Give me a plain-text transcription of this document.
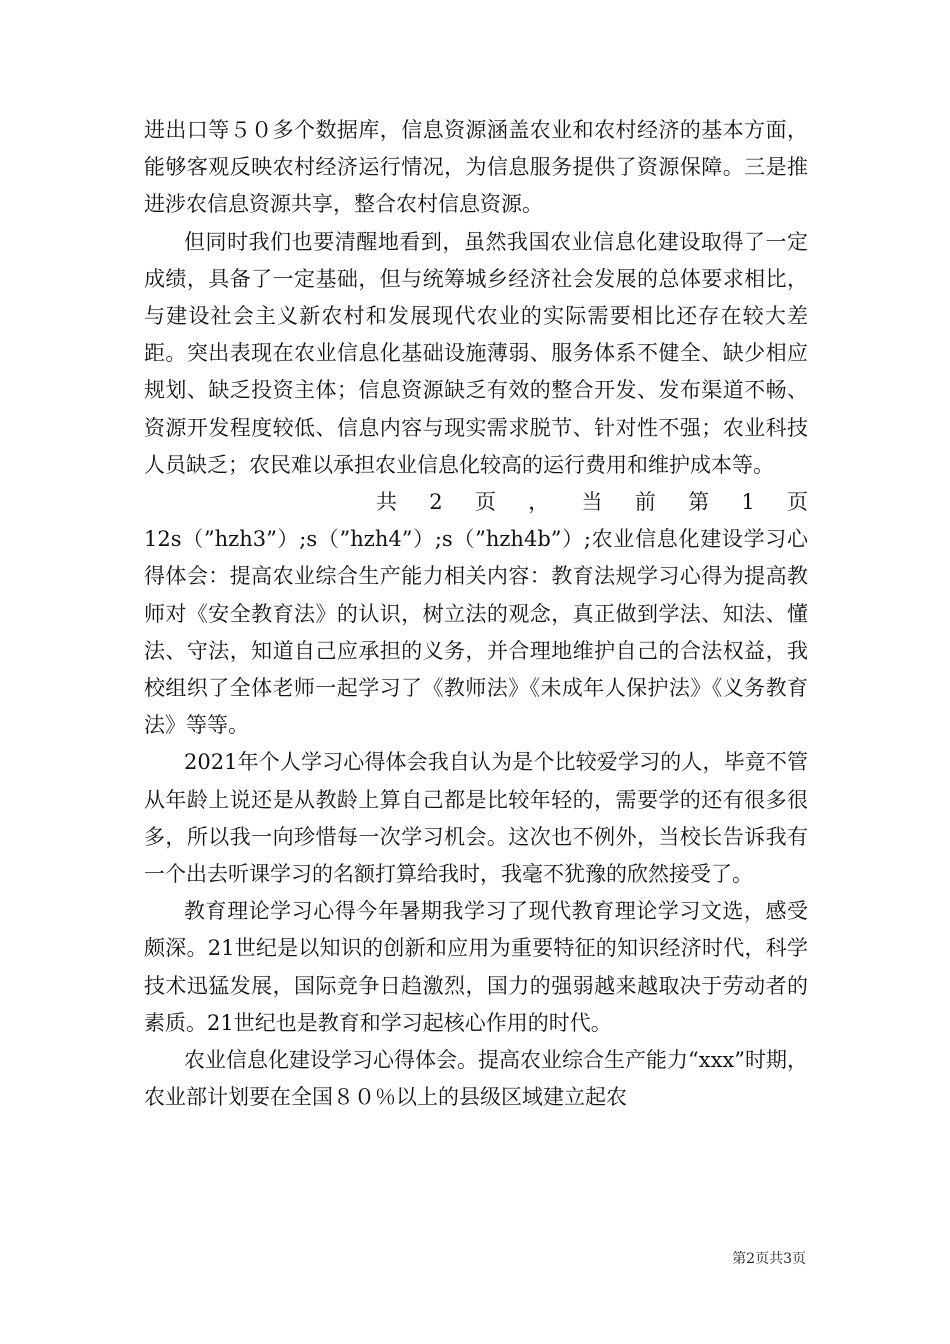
进出口等５０多个数据库，信息资源涵盖农业和农村经济的基本方面，能够客观反映农村经济运行情况，为信息服务提供了资源保障。三是推进涉农信息资源共享，整合农村信息资源。

但同时我们也要清醒地看到，虽然我国农业信息化建设取得了一定成绩，具备了一定基础，但与统筹城乡经济社会发展的总体要求相比，与建设社会主义新农村和发展现代农业的实际需要相比还存在较大差距。突出表现在农业信息化基础设施薄弱、服务体系不健全、缺少相应规划、缺乏投资主体；信息资源缺乏有效的整合开发、发布渠道不畅、资源开发程度较低、信息内容与现实需求脱节、针对性不强；农业科技人员缺乏；农民难以承担农业信息化较高的运行费用和维护成本等。

共 2 页 ， 当 前 第 1 页

12s（”hzh3”）;s（”hzh4”）;s（”hzh4b”）;农业信息化建设学习心得体会：提高农业综合生产能力相关内容：教育法规学习心得为提高教师对《安全教育法》的认识，树立法的观念，真正做到学法、知法、懂法、守法，知道自己应承担的义务，并合理地维护自己的合法权益，我校组织了全体老师一起学习了《教师法》《未成年人保护法》《义务教育法》等等。

2021年个人学习心得体会我自认为是个比较爱学习的人，毕竟不管从年龄上说还是从教龄上算自己都是比较年轻的，需要学的还有很多很多，所以我一向珍惜每一次学习机会。这次也不例外，当校长告诉我有一个出去听课学习的名额打算给我时，我毫不犹豫的欣然接受了。

教育理论学习心得今年暑期我学习了现代教育理论学习文选，感受颇深。21世纪是以知识的创新和应用为重要特征的知识经济时代，科学技术迅猛发展，国际竞争日趋激烈，国力的强弱越来越取决于劳动者的素质。21世纪也是教育和学习起核心作用的时代。

农业信息化建设学习心得体会。提高农业综合生产能力“xxx”时期，农业部计划要在全国８０％以上的县级区域建立起农

第2页共3页
